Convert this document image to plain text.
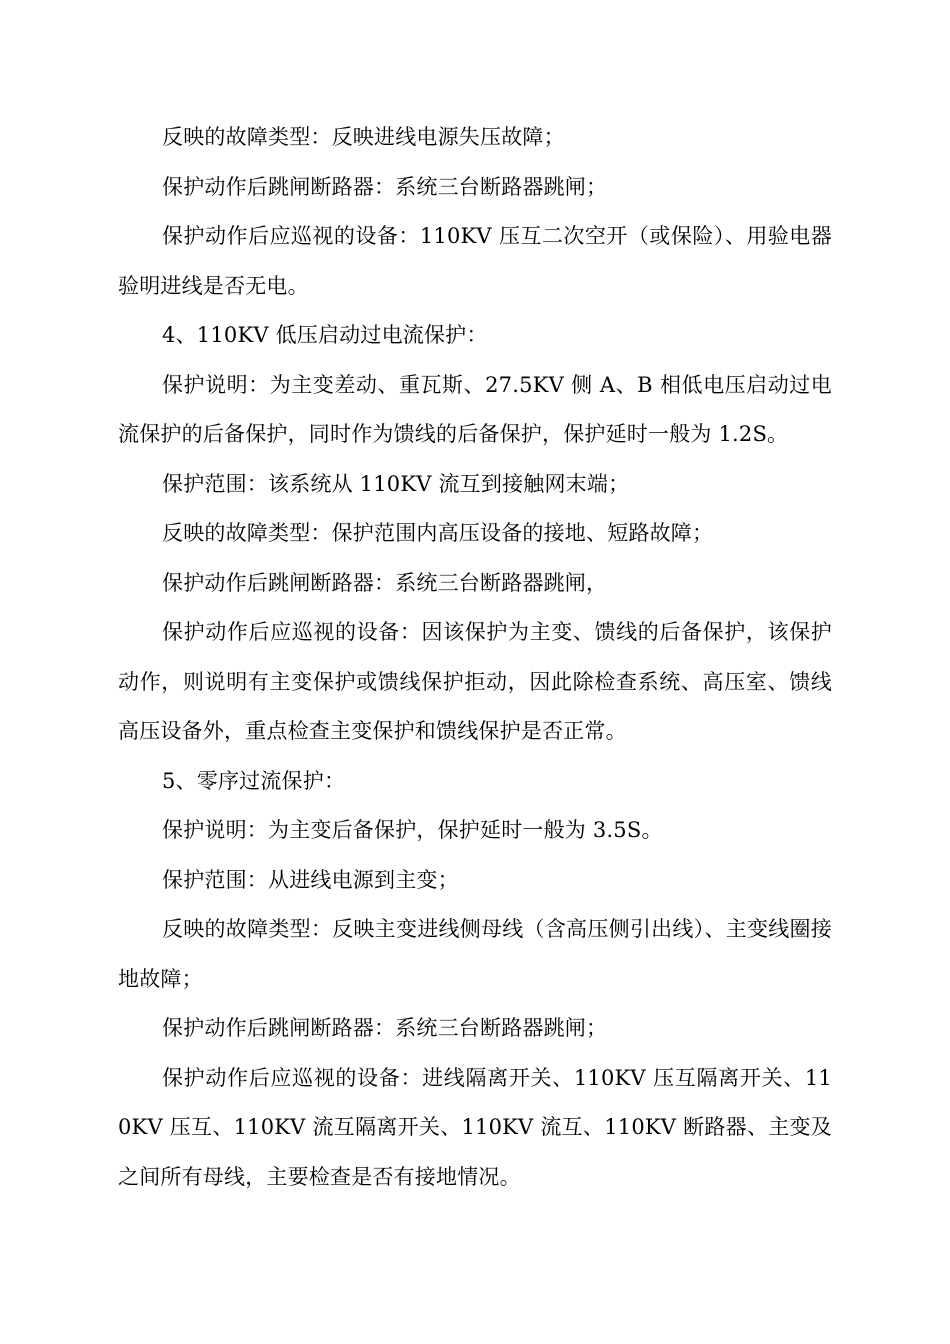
反映的故障类型：反映进线电源失压故障；

保护动作后跳闸断路器：系统三台断路器跳闸；

保护动作后应巡视的设备：110KV 压互二次空开（或保险）、用验电器验明进线是否无电。

4、110KV 低压启动过电流保护：

保护说明：为主变差动、重瓦斯、27.5KV 侧 A、B 相低电压启动过电流保护的后备保护，同时作为馈线的后备保护，保护延时一般为 1.2S。

保护范围：该系统从 110KV 流互到接触网末端；

反映的故障类型：保护范围内高压设备的接地、短路故障；

保护动作后跳闸断路器：系统三台断路器跳闸，

保护动作后应巡视的设备：因该保护为主变、馈线的后备保护，该保护动作，则说明有主变保护或馈线保护拒动，因此除检查系统、高压室、馈线高压设备外，重点检查主变保护和馈线保护是否正常。

5、零序过流保护：

保护说明：为主变后备保护，保护延时一般为 3.5S。

保护范围：从进线电源到主变；

反映的故障类型：反映主变进线侧母线（含高压侧引出线）、主变线圈接地故障；

保护动作后跳闸断路器：系统三台断路器跳闸；

保护动作后应巡视的设备：进线隔离开关、110KV 压互隔离开关、110KV 压互、110KV 流互隔离开关、110KV 流互、110KV 断路器、主变及之间所有母线，主要检查是否有接地情况。
